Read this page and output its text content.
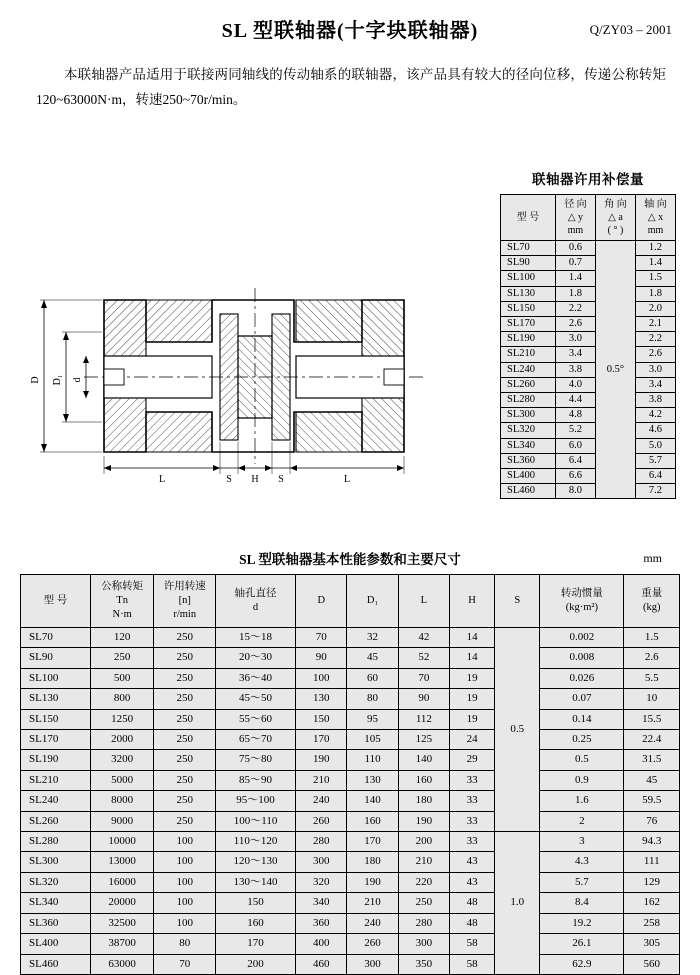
SL 型联轴器(十字块联轴器)	Q/ZY03 – 2001
本联轴器产品适用于联接两同轴线的传动轴系的联轴器，该产品具有较大的径向位移，传递公称转矩120~63000N·m，转速250~70r/min。
D D₁ d
L	S H S	L
联轴器许用补偿量
型 号	径 向
△ y
mm	角 向
△ a
( ° )	轴 向
△ x
mm

SL70	0.6	0.5°	1.2
SL90	0.7		1.4
SL100	1.4		1.5
SL130	1.8		1.8
SL150	2.2		2.0
SL170	2.6		2.1
SL190	3.0		2.2
SL210	3.4		2.6
SL240	3.8		3.0
SL260	4.0		3.4
SL280	4.4		3.8
SL300	4.8		4.2
SL320	5.2		4.6
SL340	6.0		5.0
SL360	6.4		5.7
SL400	6.6		6.4
SL460	8.0		7.2
SL 型联轴器基本性能参数和主要尺寸	mm
型 号	公称转矩
Tn
N·m	许用转速
[n]
r/min	轴孔直径
d	D	D₁	L	H	S	转动惯量
(kg·m²)	重量
(kg)

SL70	120	250	15～18	70	32	42	14	0.5	0.002	1.5
SL90	250	250	20～30	90	45	52	14		0.008	2.6
SL100	500	250	36～40	100	60	70	19		0.026	5.5
SL130	800	250	45～50	130	80	90	19		0.07	10
SL150	1250	250	55～60	150	95	112	19		0.14	15.5
SL170	2000	250	65～70	170	105	125	24		0.25	22.4
SL190	3200	250	75～80	190	110	140	29		0.5	31.5
SL210	5000	250	85～90	210	130	160	33		0.9	45
SL240	8000	250	95～100	240	140	180	33		1.6	59.5
SL260	9000	250	100～110	260	160	190	33		2	76
SL280	10000	100	110～120	280	170	200	33	1.0	3	94.3
SL300	13000	100	120～130	300	180	210	43		4.3	111
SL320	16000	100	130～140	320	190	220	43		5.7	129
SL340	20000	100	150	340	210	250	48		8.4	162
SL360	32500	100	160	360	240	280	48		19.2	258
SL400	38700	80	170	400	260	300	58		26.1	305
SL460	63000	70	200	460	300	350	58		62.9	560
